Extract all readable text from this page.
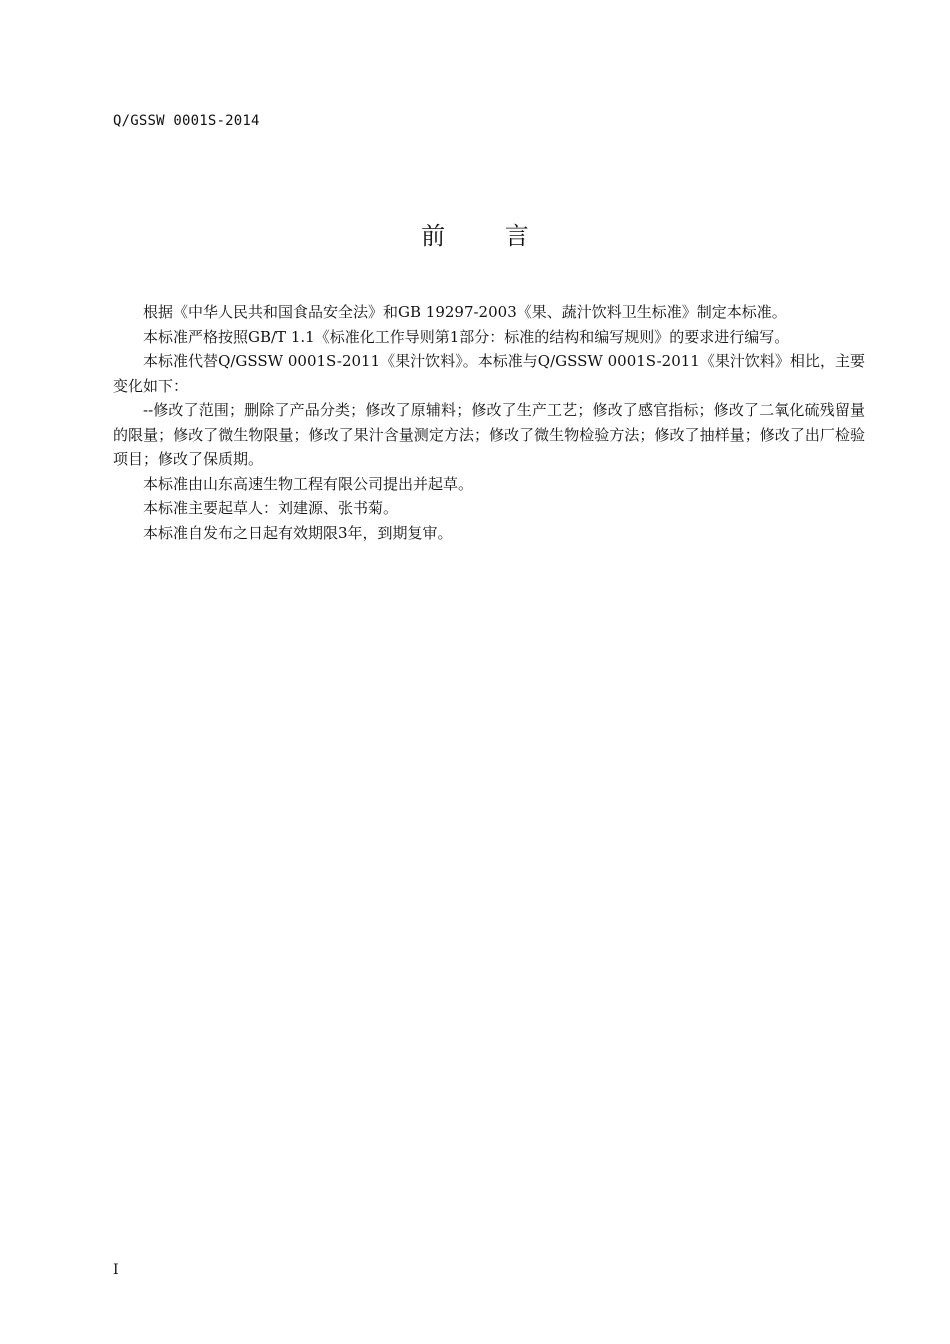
Q/GSSW 0001S-2014
前 言

根据《中华人民共和国食品安全法》和GB 19297-2003《果、蔬汁饮料卫生标准》制定本标准。

本标准严格按照GB/T 1.1《标准化工作导则第1部分：标准的结构和编写规则》的要求进行编写。

本标准代替Q/GSSW 0001S-2011《果汁饮料》。本标准与Q/GSSW 0001S-2011《果汁饮料》相比，主要变化如下：

--修改了范围；删除了产品分类；修改了原辅料；修改了生产工艺；修改了感官指标；修改了二氧化硫残留量的限量；修改了微生物限量；修改了果汁含量测定方法；修改了微生物检验方法；修改了抽样量；修改了出厂检验项目；修改了保质期。

本标准由山东高速生物工程有限公司提出并起草。

本标准主要起草人：刘建源、张书菊。

本标准自发布之日起有效期限3年，到期复审。

I
